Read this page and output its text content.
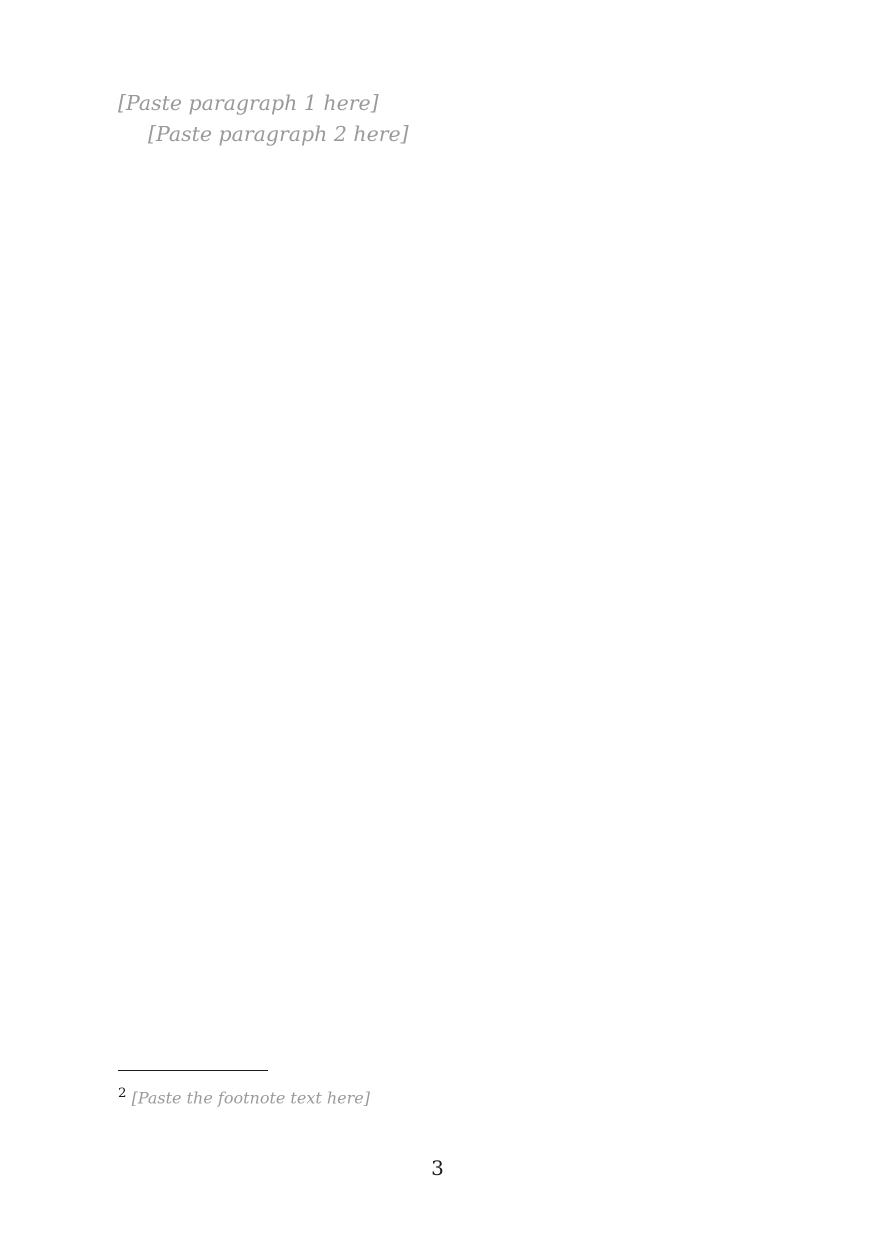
[Paste paragraph 1 here]

[Paste paragraph 2 here]

$^2$ [Paste the footnote text here]
3
